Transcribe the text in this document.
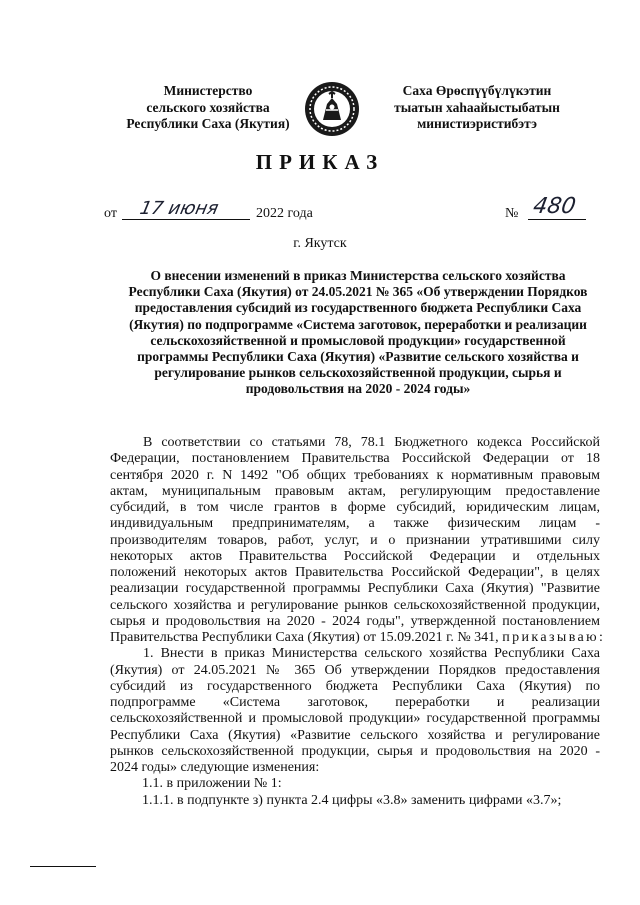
Министерство
сельского хозяйства
Республики Саха (Якутия)
Саха Өрөспүүбүлүкэтин
тыатын хаһаайыстыбатын
министиэристибэтэ
ПРИКАЗ
от 17 июня	2022 года	№ 480
г. Якутск
О внесении изменений в приказ Министерства сельского хозяйства
Республики Саха (Якутия) от 24.05.2021 № 365 «Об утверждении Порядков
предоставления субсидий из государственного бюджета Республики Саха
(Якутия) по подпрограмме «Система заготовок, переработки и реализации
сельскохозяйственной и промысловой продукции» государственной
программы Республики Саха (Якутия) «Развитие сельского хозяйства и
регулирование рынков сельскохозяйственной продукции, сырья и
продовольствия на 2020 - 2024 годы»
В соответствии со статьями 78, 78.1 Бюджетного кодекса Российской
Федерации, постановлением Правительства Российской Федерации от 18
сентября 2020 г. N 1492 "Об общих требованиях к нормативным правовым
актам, муниципальным правовым актам, регулирующим предоставление
субсидий, в том числе грантов в форме субсидий, юридическим лицам,
индивидуальным предпринимателям, а также физическим лицам -
производителям товаров, работ, услуг, и о признании утратившими силу
некоторых актов Правительства Российской Федерации и отдельных
положений некоторых актов Правительства Российской Федерации", в целях
реализации государственной программы Республики Саха (Якутия) "Развитие
сельского хозяйства и регулирование рынков сельскохозяйственной продукции,
сырья и продовольствия на 2020 - 2024 годы", утвержденной постановлением
Правительства Республики Саха (Якутия) от 15.09.2021 г. № 341, приказываю:
1. Внести в приказ Министерства сельского хозяйства Республики Саха
(Якутия) от 24.05.2021 № 365 Об утверждении Порядков предоставления
субсидий из государственного бюджета Республики Саха (Якутия) по
подпрограмме «Система заготовок, переработки и реализации
сельскохозяйственной и промысловой продукции» государственной программы
Республики Саха (Якутия) «Развитие сельского хозяйства и регулирование
рынков сельскохозяйственной продукции, сырья и продовольствия на 2020 -
2024 годы» следующие изменения:
1.1. в приложении № 1:
1.1.1. в подпункте з) пункта 2.4 цифры «3.8» заменить цифрами «3.7»;
